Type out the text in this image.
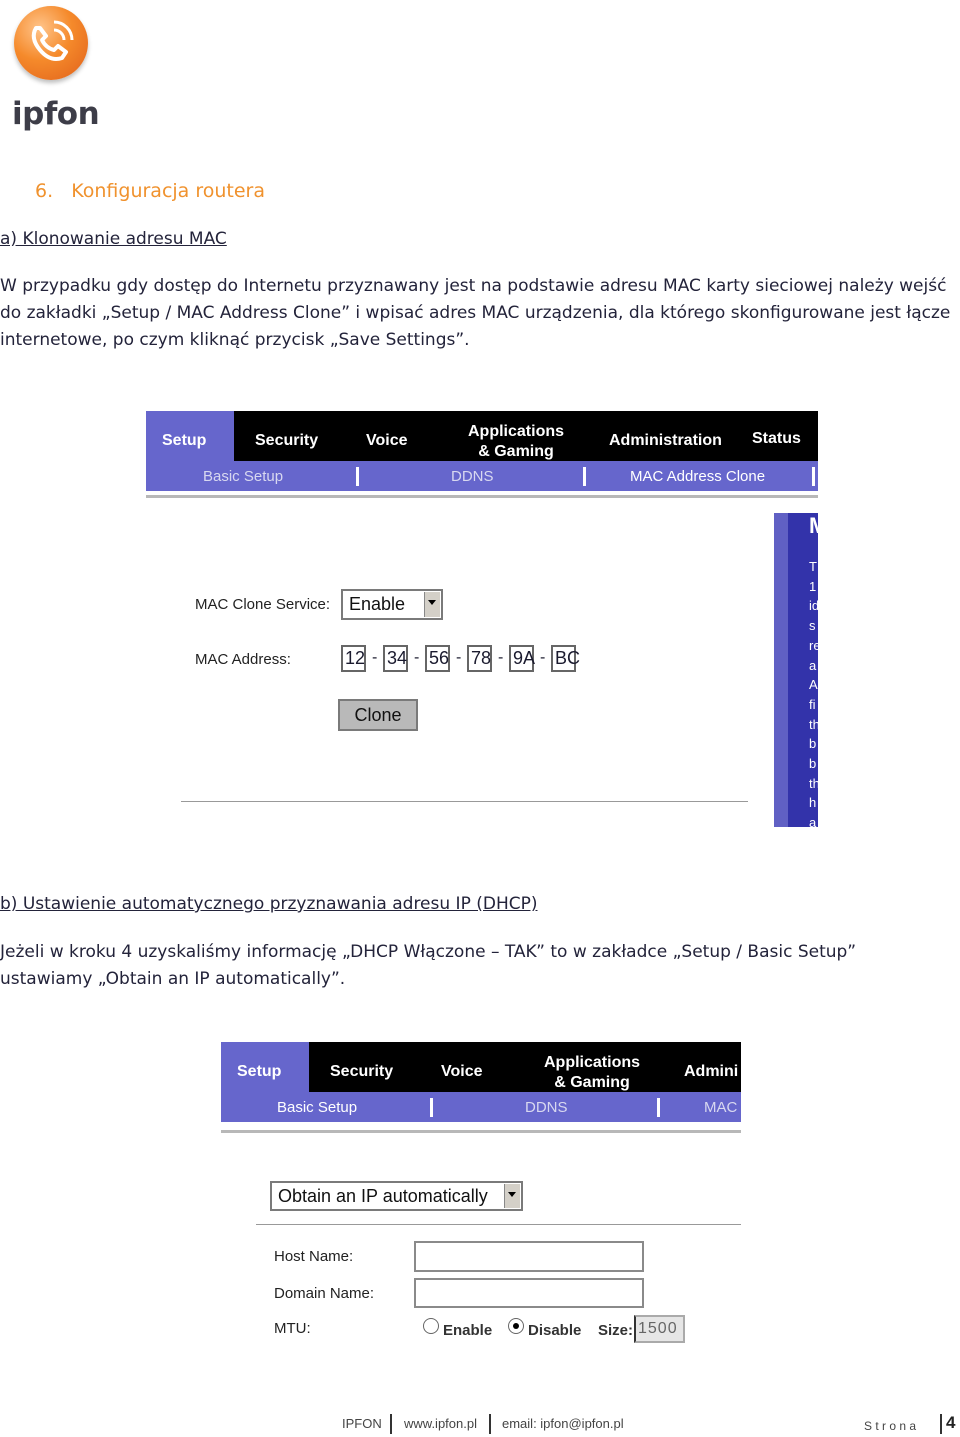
ipfon
6.   Konfiguracja routera
a) Klonowanie adresu MAC
W przypadku gdy dostęp do Internetu przyznawany jest na podstawie adresu MAC karty sieciowej należy wejść
do zakładki „Setup / MAC Address Clone” i wpisać adres MAC urządzenia, dla którego skonfigurowane jest łącze
internetowe, po czym kliknąć przycisk „Save Settings”.
Setup	Security	Voice
Applications
& Gaming
Administration Status
Basic Setup	DDNS	MAC Address Clone
MAC Clone Service:	Enable
MAC Address:	12 - 34 - 56 - 78 - 9A - BC
Clone
M
T
1
id
s
re
a
A
fi
th
b
b
th
h
a
b) Ustawienie automatycznego przyznawania adresu IP (DHCP)
Jeżeli w kroku 4 uzyskaliśmy informację „DHCP Włączone – TAK” to w zakładce „Setup / Basic Setup”
ustawiamy „Obtain an IP automatically”.
Setup	Security	Voice
Applications
& Gaming
Admini
Basic Setup	DDNS	MAC
Obtain an IP automatically
Host Name:
Domain Name:
MTU:	Enable Disable Size: 1500
IPFON www.ipfon.pl email: ipfon@ipfon.pl	S t r o n a 4
